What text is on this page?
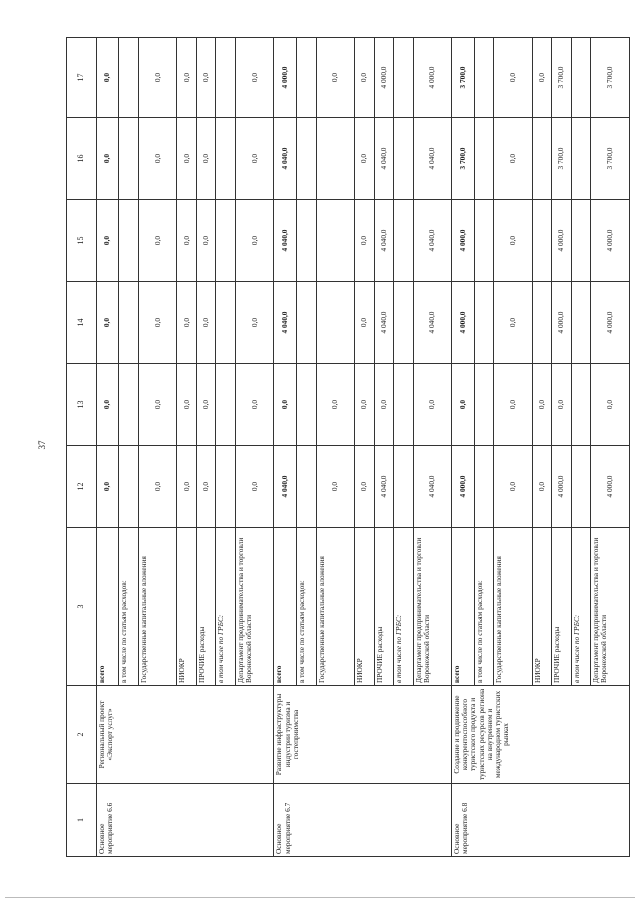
37
1	2	3	12	13	14	15	16	17
Основное мероприятие 6.6	Региональный проект «Экспорт услуг»	всего	0,0	0,0	0,0	0,0	0,0	0,0
		в том числе по статьям расходов:						
		Государственные капитальные вложения	0,0	0,0	0,0	0,0	0,0	0,0
		НИОКР	0,0	0,0	0,0	0,0	0,0	0,0
		ПРОЧИЕ расходы	0,0	0,0	0,0	0,0	0,0	0,0
		в том числе по ГРБС:						
		Департамент предпринимательства и торговли Воронежской области	0,0	0,0	0,0	0,0	0,0	0,0
Основное мероприятие 6.7	Развитие инфраструктуры индустрии туризма и гостеприимства	всего	4 040,0	0,0	4 040,0	4 040,0	4 040,0	4 000,0
		в том числе по статьям расходов:						
		Государственные капитальные вложения	0,0	0,0				0,0
		НИОКР	0,0	0,0	0,0	0,0	0,0	0,0
		ПРОЧИЕ расходы	4 040,0	0,0	4 040,0	4 040,0	4 040,0	4 000,0
		в том числе по ГРБС:						
		Департамент предпринимательства и торговли Воронежской области	4 040,0	0,0	4 040,0	4 040,0	4 040,0	4 000,0
Основное мероприятие 6.8	Создание и продвижение конкурентоспособного туристского продукта и туристских ресурсов региона на внутреннем и международном туристских рынках	всего	4 000,0	0,0	4 000,0	4 000,0	3 700,0	3 700,0
		в том числе по статьям расходов:						
		Государственные капитальные вложения	0,0	0,0	0,0	0,0	0,0	0,0
		НИОКР	0,0	0,0				0,0
		ПРОЧИЕ расходы	4 000,0	0,0	4 000,0	4 000,0	3 700,0	3 700,0
		в том числе по ГРБС:						
		Департамент предпринимательства и торговли Воронежской области	4 000,0	0,0	4 000,0	4 000,0	3 700,0	3 700,0
